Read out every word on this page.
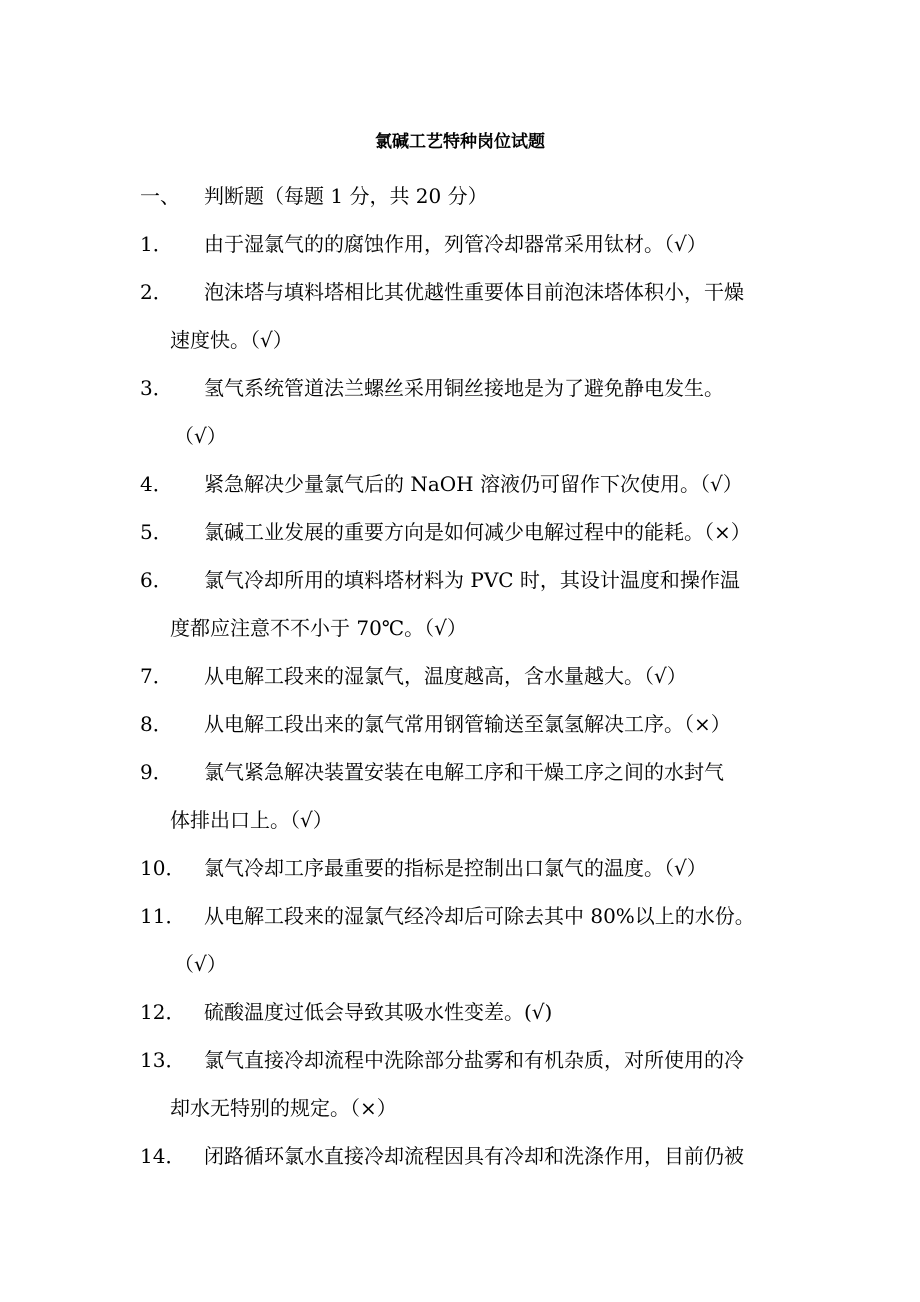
氯碱工艺特种岗位试题
一、 判断题（每题 1 分，共 20 分）
1．	由于湿氯气的的腐蚀作用，列管冷却器常采用钛材。（√）
2．	泡沫塔与填料塔相比其优越性重要体目前泡沫塔体积小，干燥
速度快。（√）
3．	氢气系统管道法兰螺丝采用铜丝接地是为了避免静电发生。
（√）
4．	紧急解决少量氯气后的 NaOH 溶液仍可留作下次使用。（√）
5．	氯碱工业发展的重要方向是如何减少电解过程中的能耗。（×）
6．	氯气冷却所用的填料塔材料为 PVC 时，其设计温度和操作温
度都应注意不不小于 70℃。（√）
7．	从电解工段来的湿氯气，温度越高，含水量越大。（√）
8．	从电解工段出来的氯气常用钢管输送至氯氢解决工序。（×）
9．	氯气紧急解决装置安装在电解工序和干燥工序之间的水封气
体排出口上。（√）
10． 氯气冷却工序最重要的指标是控制出口氯气的温度。（√）
11． 从电解工段来的湿氯气经冷却后可除去其中 80%以上的水份。
（√）
12． 硫酸温度过低会导致其吸水性变差。(√)
13． 氯气直接冷却流程中洗除部分盐雾和有机杂质，对所使用的冷
却水无特别的规定。（×）
14． 闭路循环氯水直接冷却流程因具有冷却和洗涤作用，目前仍被
